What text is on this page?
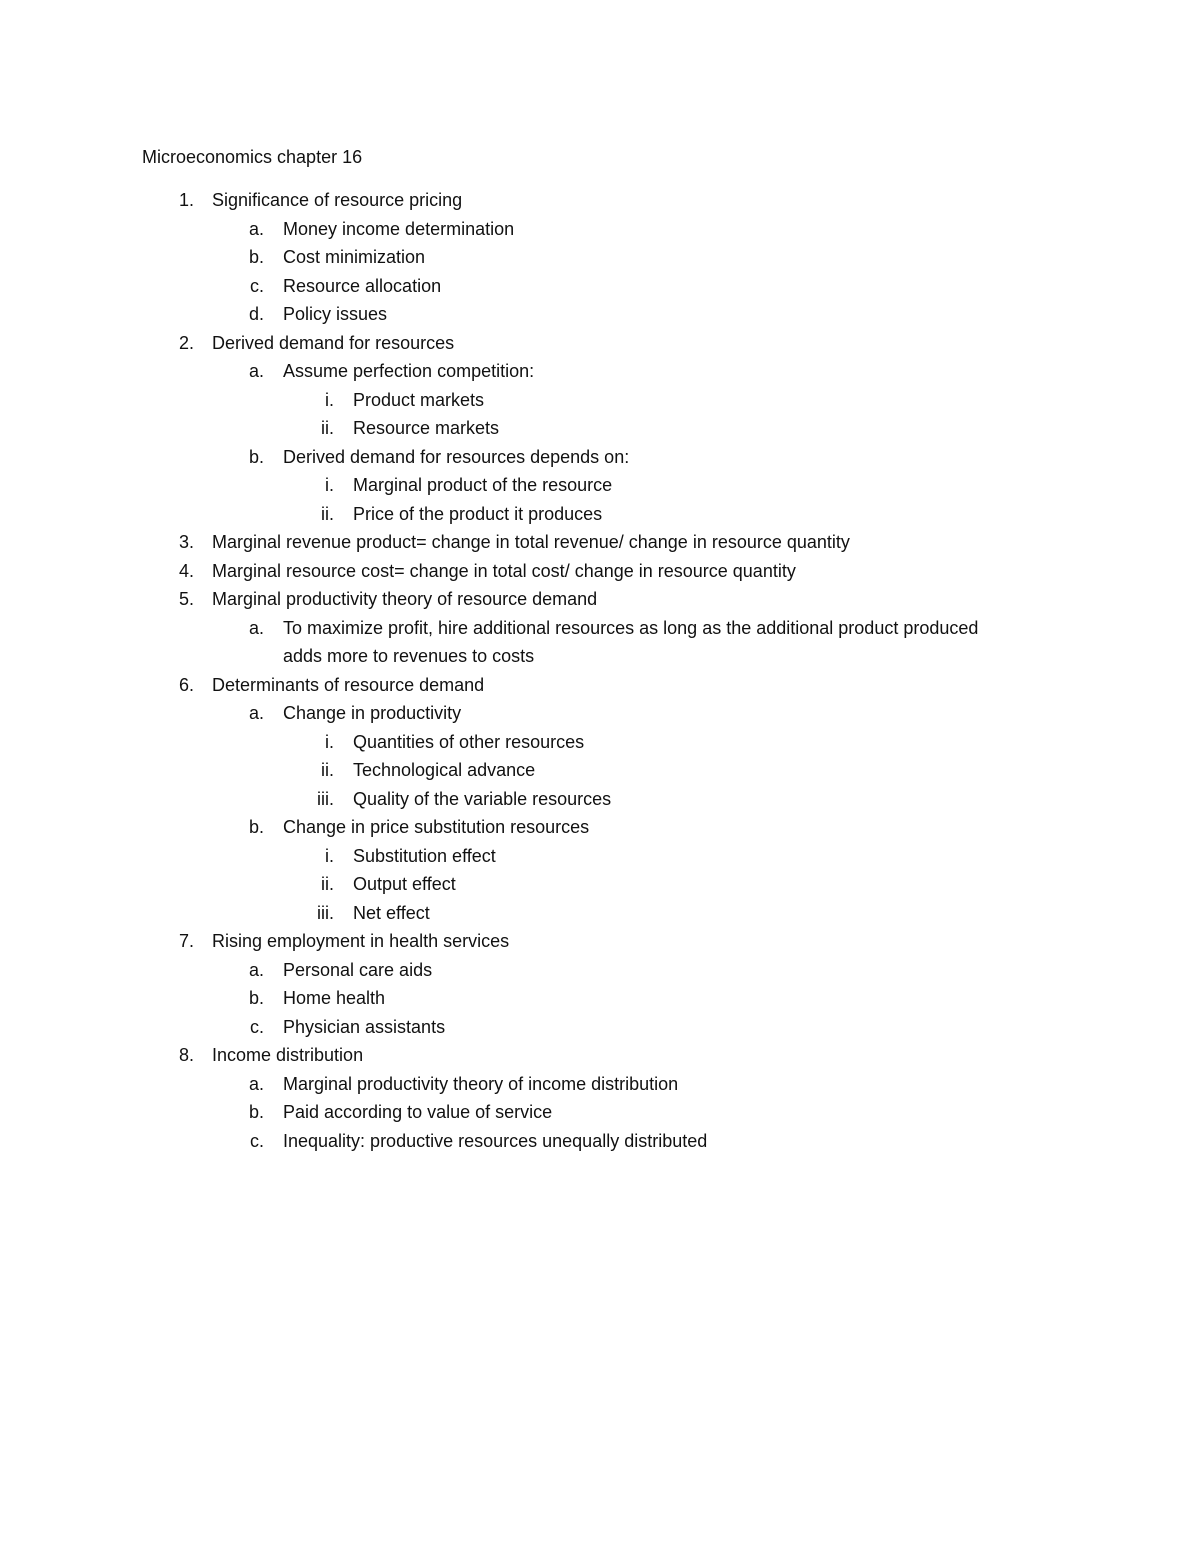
Microeconomics chapter 16
1. Significance of resource pricing
a. Money income determination
b. Cost minimization
c. Resource allocation
d. Policy issues
2. Derived demand for resources
a. Assume perfection competition:
i. Product markets
ii. Resource markets
b. Derived demand for resources depends on:
i. Marginal product of the resource
ii. Price of the product it produces
3. Marginal revenue product= change in total revenue/ change in resource quantity
4. Marginal resource cost= change in total cost/ change in resource quantity
5. Marginal productivity theory of resource demand
a. To maximize profit, hire additional resources as long as the additional product produced
adds more to revenues to costs
6. Determinants of resource demand
a. Change in productivity
i. Quantities of other resources
ii. Technological advance
iii. Quality of the variable resources
b. Change in price substitution resources
i. Substitution effect
ii. Output effect
iii. Net effect
7. Rising employment in health services
a. Personal care aids
b. Home health
c. Physician assistants
8. Income distribution
a. Marginal productivity theory of income distribution
b. Paid according to value of service
c. Inequality: productive resources unequally distributed
